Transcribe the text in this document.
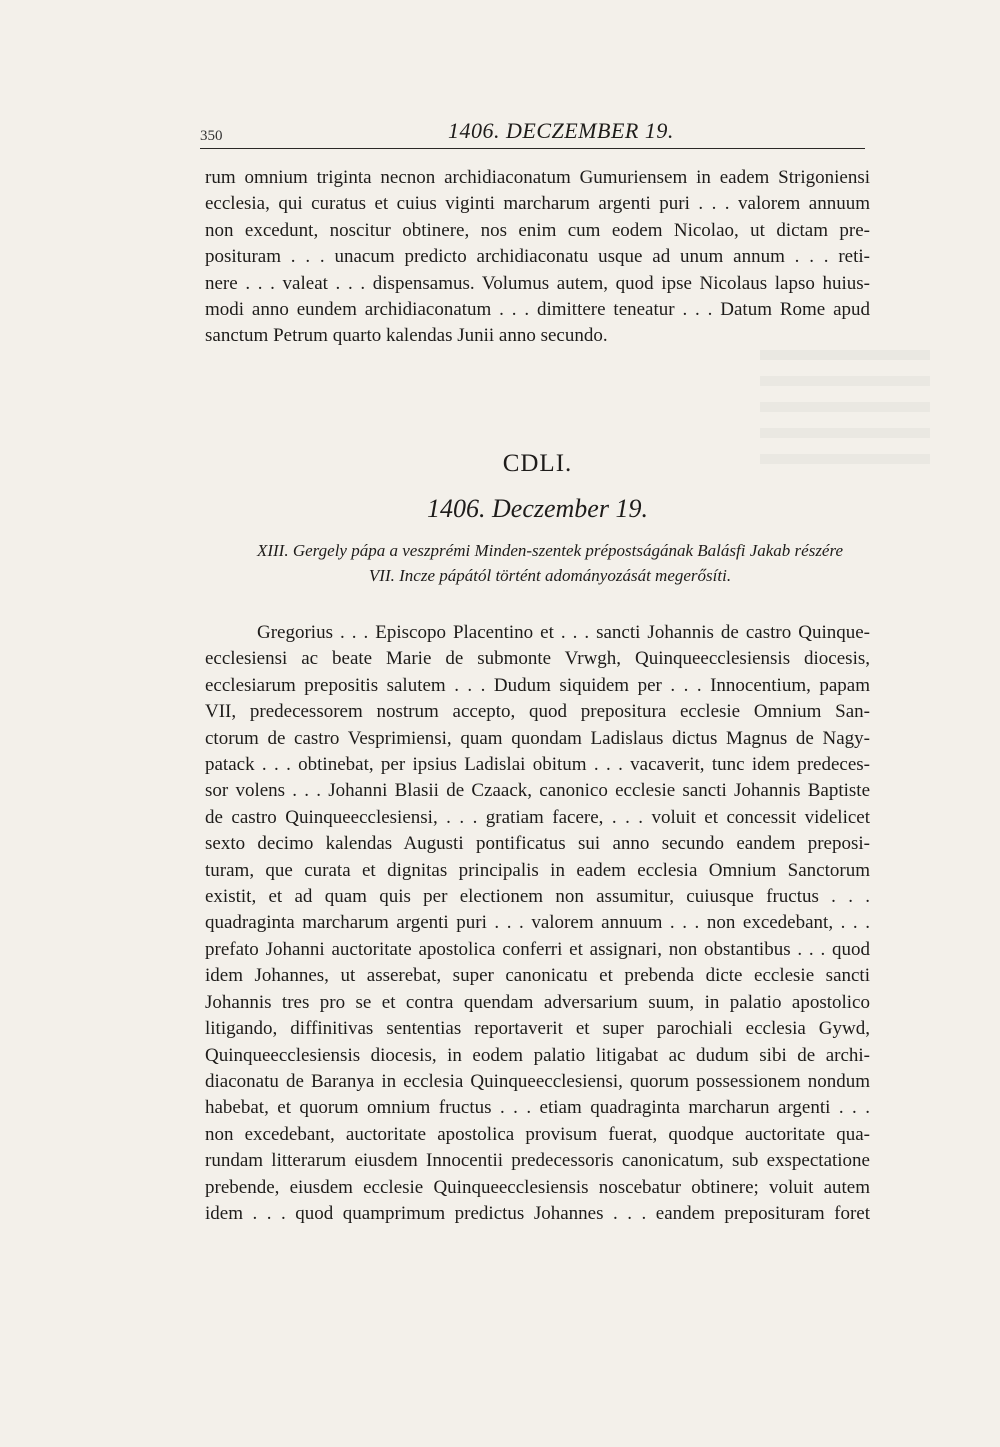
350	1406. DECZEMBER 19.
rum omnium triginta necnon archidiaconatum Gumuriensem in eadem Strigoniensi
ecclesia, qui curatus et cuius viginti marcharum argenti puri . . . valorem annuum
non excedunt, noscitur obtinere, nos enim cum eodem Nicolao, ut dictam pre-
posituram . . . unacum predicto archidiaconatu usque ad unum annum . . . reti-
nere . . . valeat . . . dispensamus. Volumus autem, quod ipse Nicolaus lapso huius-
modi anno eundem archidiaconatum . . . dimittere teneatur . . . Datum Rome apud
sanctum Petrum quarto kalendas Junii anno secundo.
CDLI.
1406. Deczember 19.
XIII. Gergely pápa a veszprémi Minden-szentek prépostságának Balásfi Jakab részére
VII. Incze pápától történt adományozását megerősíti.
Gregorius . . . Episcopo Placentino et . . . sancti Johannis de castro Quinque-
ecclesiensi ac beate Marie de submonte Vrwgh, Quinqueecclesiensis diocesis,
ecclesiarum prepositis salutem . . . Dudum siquidem per . . . Innocentium, papam
VII, predecessorem nostrum accepto, quod prepositura ecclesie Omnium San-
ctorum de castro Vesprimiensi, quam quondam Ladislaus dictus Magnus de Nagy-
patack . . . obtinebat, per ipsius Ladislai obitum . . . vacaverit, tunc idem predeces-
sor volens . . . Johanni Blasii de Czaack, canonico ecclesie sancti Johannis Baptiste
de castro Quinqueecclesiensi, . . . gratiam facere, . . . voluit et concessit videlicet
sexto decimo kalendas Augusti pontificatus sui anno secundo eandem preposi-
turam, que curata et dignitas principalis in eadem ecclesia Omnium Sanctorum
existit, et ad quam quis per electionem non assumitur, cuiusque fructus . . .
quadraginta marcharum argenti puri . . . valorem annuum . . . non excedebant, . . .
prefato Johanni auctoritate apostolica conferri et assignari, non obstantibus . . . quod
idem Johannes, ut asserebat, super canonicatu et prebenda dicte ecclesie sancti
Johannis tres pro se et contra quendam adversarium suum, in palatio apostolico
litigando, diffinitivas sententias reportaverit et super parochiali ecclesia Gywd,
Quinqueecclesiensis diocesis, in eodem palatio litigabat ac dudum sibi de archi-
diaconatu de Baranya in ecclesia Quinqueecclesiensi, quorum possessionem nondum
habebat, et quorum omnium fructus . . . etiam quadraginta marcharun argenti . . .
non excedebant, auctoritate apostolica provisum fuerat, quodque auctoritate qua-
rundam litterarum eiusdem Innocentii predecessoris canonicatum, sub exspectatione
prebende, eiusdem ecclesie Quinqueecclesiensis noscebatur obtinere; voluit autem
idem . . . quod quamprimum predictus Johannes . . . eandem preposituram foret
